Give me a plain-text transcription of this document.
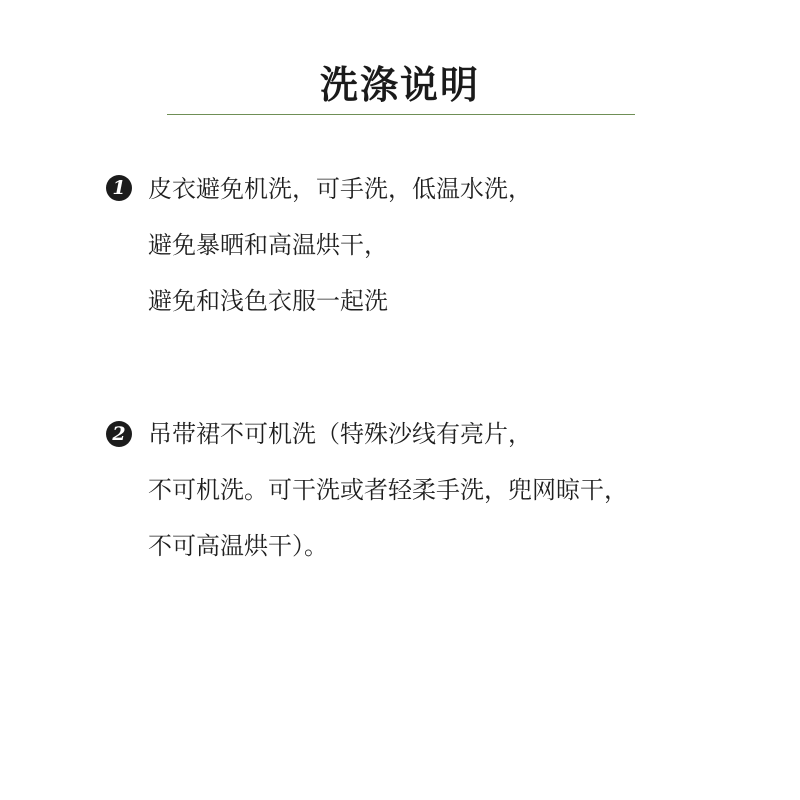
洗涤说明
1 皮衣避免机洗，可手洗，低温水洗，
避免暴晒和高温烘干，
避免和浅色衣服一起洗
2 吊带裙不可机洗（特殊沙线有亮片，
不可机洗。可干洗或者轻柔手洗，兜网晾干，
不可高温烘干）。
